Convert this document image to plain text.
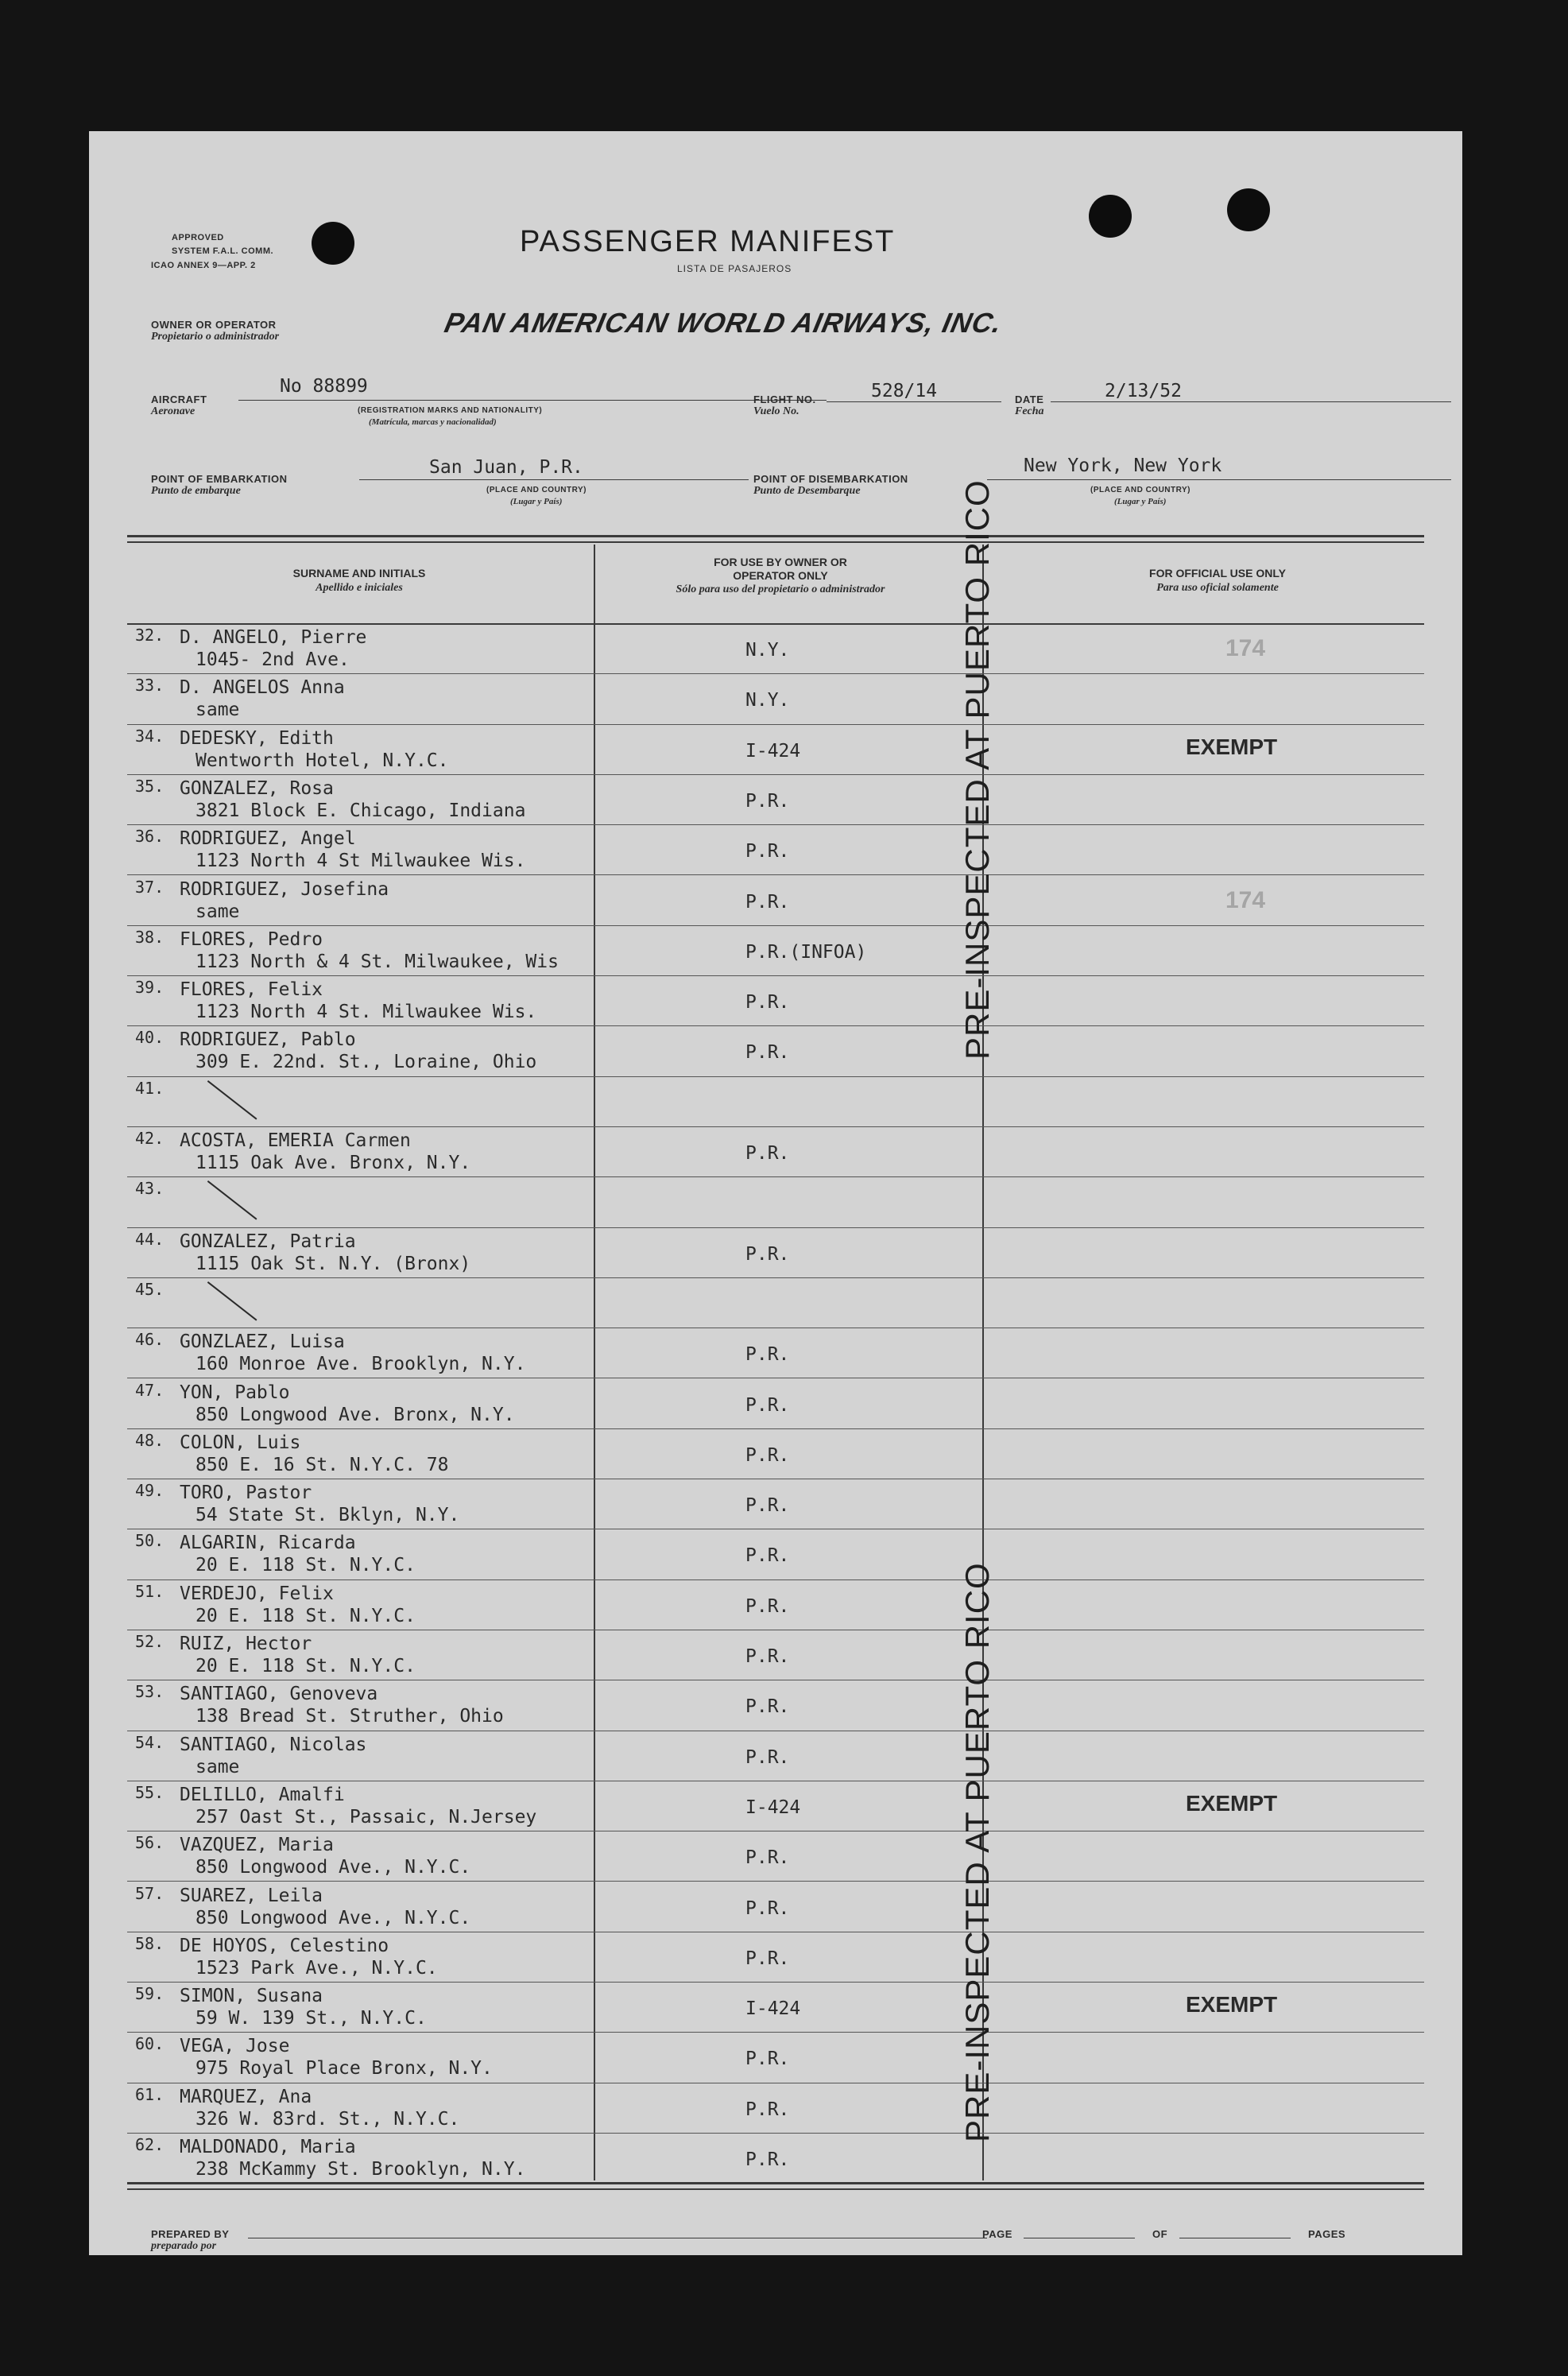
APPROVED
SYSTEM F.A.L. COMM.
ICAO ANNEX 9—APP. 2
PASSENGER MANIFEST
LISTA DE PASAJEROS
OWNER OR OPERATOR
Propietario o administrador	PAN AMERICAN WORLD AIRWAYS, INC.
AIRCRAFT
Aeronave
No 88899
(REGISTRATION MARKS AND NATIONALITY)
(Matrícula, marcas y nacionalidad)
FLIGHT NO.
Vuelo No.
528/14	DATE
Fecha
2/13/52
POINT OF EMBARKATION
Punto de embarque
San Juan, P.R.
(PLACE AND COUNTRY)
(Lugar y País)
POINT OF DISEMBARKATION
Punto de Desembarque
New York, New York
(PLACE AND COUNTRY)
(Lugar y País)
SURNAME AND INITIALS
Apellido e iniciales
FOR USE BY OWNER OR OPERATOR ONLY
Sólo para uso del propietario o administrador
FOR OFFICIAL USE ONLY
Para uso oficial solamente
32. D. ANGELO, Pierre
1045- 2nd Ave.	N.Y.	174
33. D. ANGELOS Anna
same	N.Y.
34. DEDESKY, Edith
Wentworth Hotel, N.Y.C.	I-424	EXEMPT
35. GONZALEZ, Rosa
3821 Block E. Chicago, Indiana	P.R.
36. RODRIGUEZ, Angel
1123 North 4 St Milwaukee Wis.	P.R.
37. RODRIGUEZ, Josefina
same	P.R.	174
38. FLORES, Pedro
1123 North & 4 St. Milwaukee, Wis	P.R.(INFOA)
39. FLORES, Felix
1123 North 4 St. Milwaukee Wis.	P.R.
40. RODRIGUEZ, Pablo
309 E. 22nd. St., Loraine, Ohio	P.R.
41.
42. ACOSTA, EMERIA Carmen
1115 Oak Ave. Bronx, N.Y.	P.R.
43.
44. GONZALEZ, Patria
1115 Oak St. N.Y. (Bronx)	P.R.
45.
46. GONZLAEZ, Luisa
160 Monroe Ave. Brooklyn, N.Y.	P.R.
47. YON, Pablo
850 Longwood Ave. Bronx, N.Y.	P.R.
48. COLON, Luis
850 E. 16 St. N.Y.C. 78	P.R.
49. TORO, Pastor
54 State St. Bklyn, N.Y.	P.R.
50. ALGARIN, Ricarda
20 E. 118 St. N.Y.C.	P.R.
51. VERDEJO, Felix
20 E. 118 St. N.Y.C.	P.R.
52. RUIZ, Hector
20 E. 118 St. N.Y.C.	P.R.
53. SANTIAGO, Genoveva
138 Bread St. Struther, Ohio	P.R.
54. SANTIAGO, Nicolas
same	P.R.
55. DELILLO, Amalfi
257 Oast St., Passaic, N.Jersey	I-424	EXEMPT
56. VAZQUEZ, Maria
850 Longwood Ave., N.Y.C.	P.R.
57. SUAREZ, Leila
850 Longwood Ave., N.Y.C.	P.R.
58. DE HOYOS, Celestino
1523 Park Ave., N.Y.C.	P.R.
59. SIMON, Susana
59 W. 139 St., N.Y.C.	I-424	EXEMPT
60. VEGA, Jose
975 Royal Place Bronx, N.Y.	P.R.
61. MARQUEZ, Ana
326 W. 83rd. St., N.Y.C.	P.R.
62. MALDONADO, Maria
238 McKammy St. Brooklyn, N.Y.	P.R.
PRE-INSPECTED AT PUERTO RICO
PRE-INSPECTED AT PUERTO RICO
PREPARED BY
preparado por
PAGE	OF	PAGES
